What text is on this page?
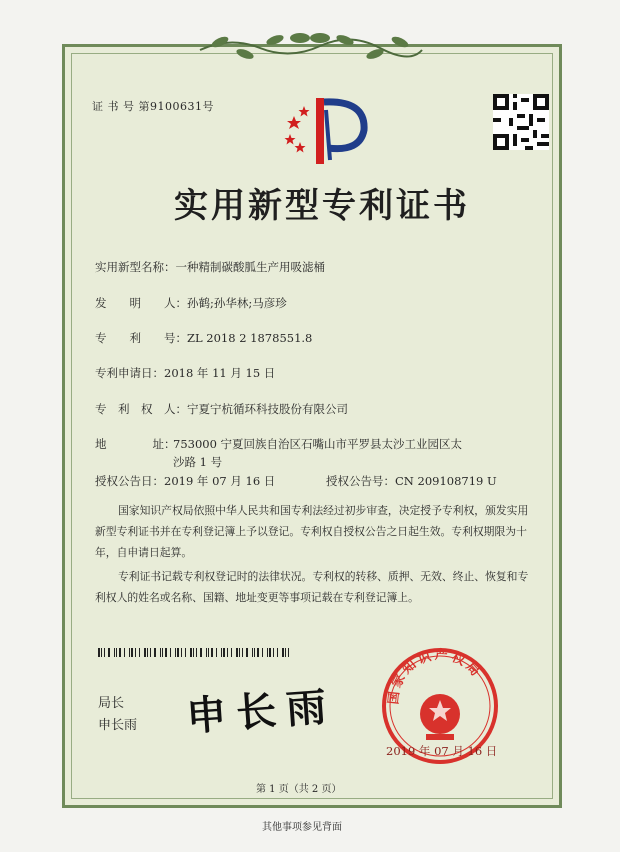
证 书 号 第9100631号
实用新型专利证书
实用新型名称：一种精制碳酸胍生产用吸滤桶
发　　明　　人：孙鹤;孙华林;马彦珍
专　　利　　号：ZL 2018 2 1878551.8
专利申请日：2018 年 11 月 15 日
专　利　权　人：宁夏宁杭循环科技股份有限公司
地　　　　址：
753000 宁夏回族自治区石嘴山市平罗县太沙工业园区太
沙路 1 号
授权公告日：2019 年 07 月 16 日	授权公告号：CN 209108719 U
国家知识产权局依照中华人民共和国专利法经过初步审查，决定授予专利权，颁发实用
新型专利证书并在专利登记簿上予以登记。专利权自授权公告之日起生效。专利权期限为十
年，自申请日起算。
专利证书记载专利权登记时的法律状况。专利权的转移、质押、无效、终止、恢复和专
利权人的姓名或名称、国籍、地址变更等事项记载在专利登记簿上。
局长
申长雨 申长雨	国家知识产权局
2019 年 07 月 16 日
第 1 页（共 2 页）
其他事项参见背面
